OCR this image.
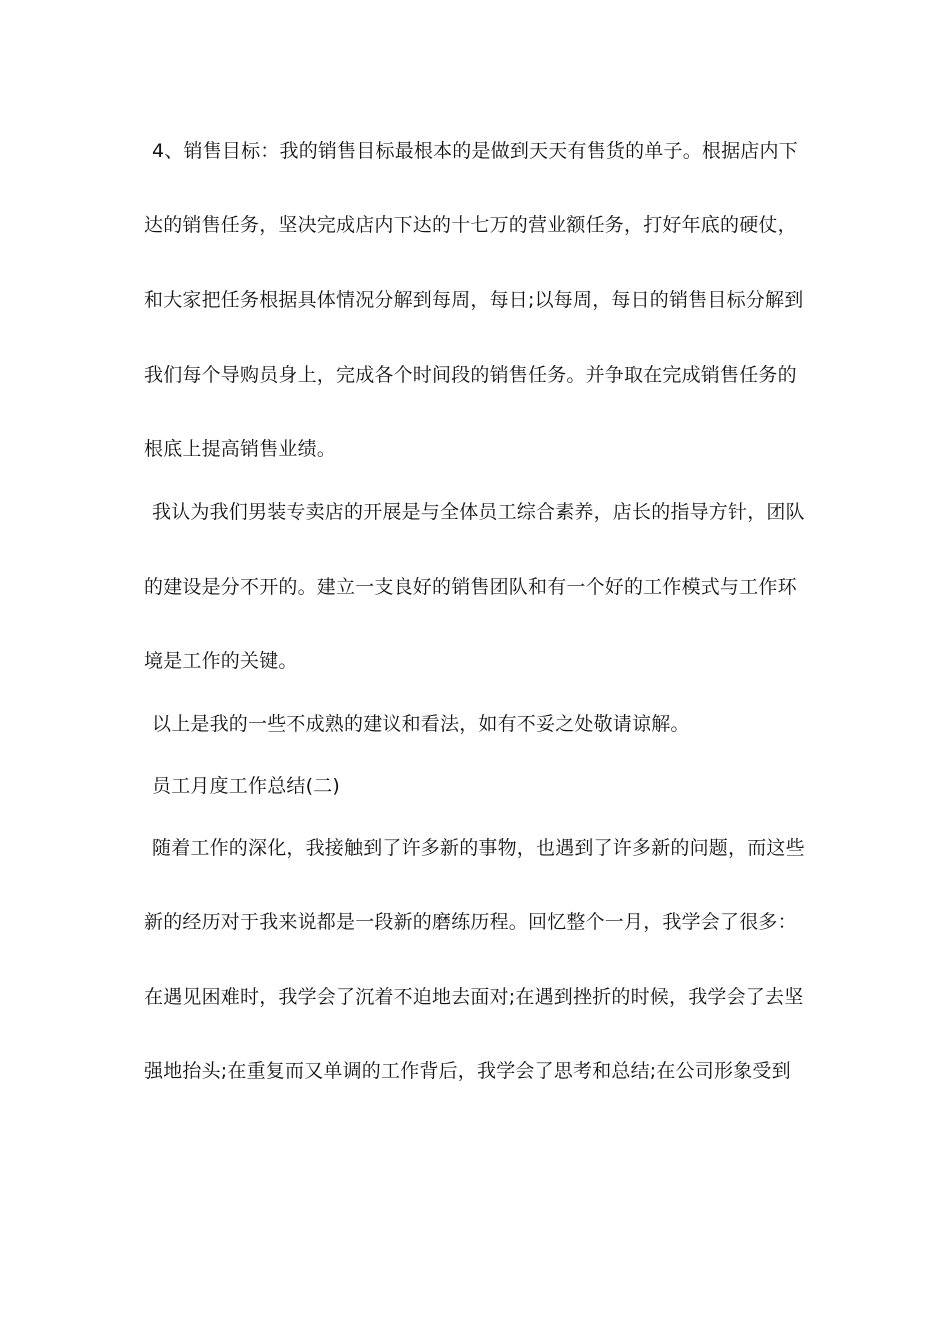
4、销售目标：我的销售目标最根本的是做到天天有售货的单子。根据店内下
达的销售任务，坚决完成店内下达的十七万的营业额任务，打好年底的硬仗，
和大家把任务根据具体情况分解到每周，每日;以每周，每日的销售目标分解到
我们每个导购员身上，完成各个时间段的销售任务。并争取在完成销售任务的
根底上提高销售业绩。
我认为我们男装专卖店的开展是与全体员工综合素养，店长的指导方针，团队
的建设是分不开的。建立一支良好的销售团队和有一个好的工作模式与工作环
境是工作的关键。
以上是我的一些不成熟的建议和看法，如有不妥之处敬请谅解。
员工月度工作总结(二)
随着工作的深化，我接触到了许多新的事物，也遇到了许多新的问题，而这些
新的经历对于我来说都是一段新的磨练历程。回忆整个一月，我学会了很多：
在遇见困难时，我学会了沉着不迫地去面对;在遇到挫折的时候，我学会了去坚
强地抬头;在重复而又单调的工作背后，我学会了思考和总结;在公司形象受到
